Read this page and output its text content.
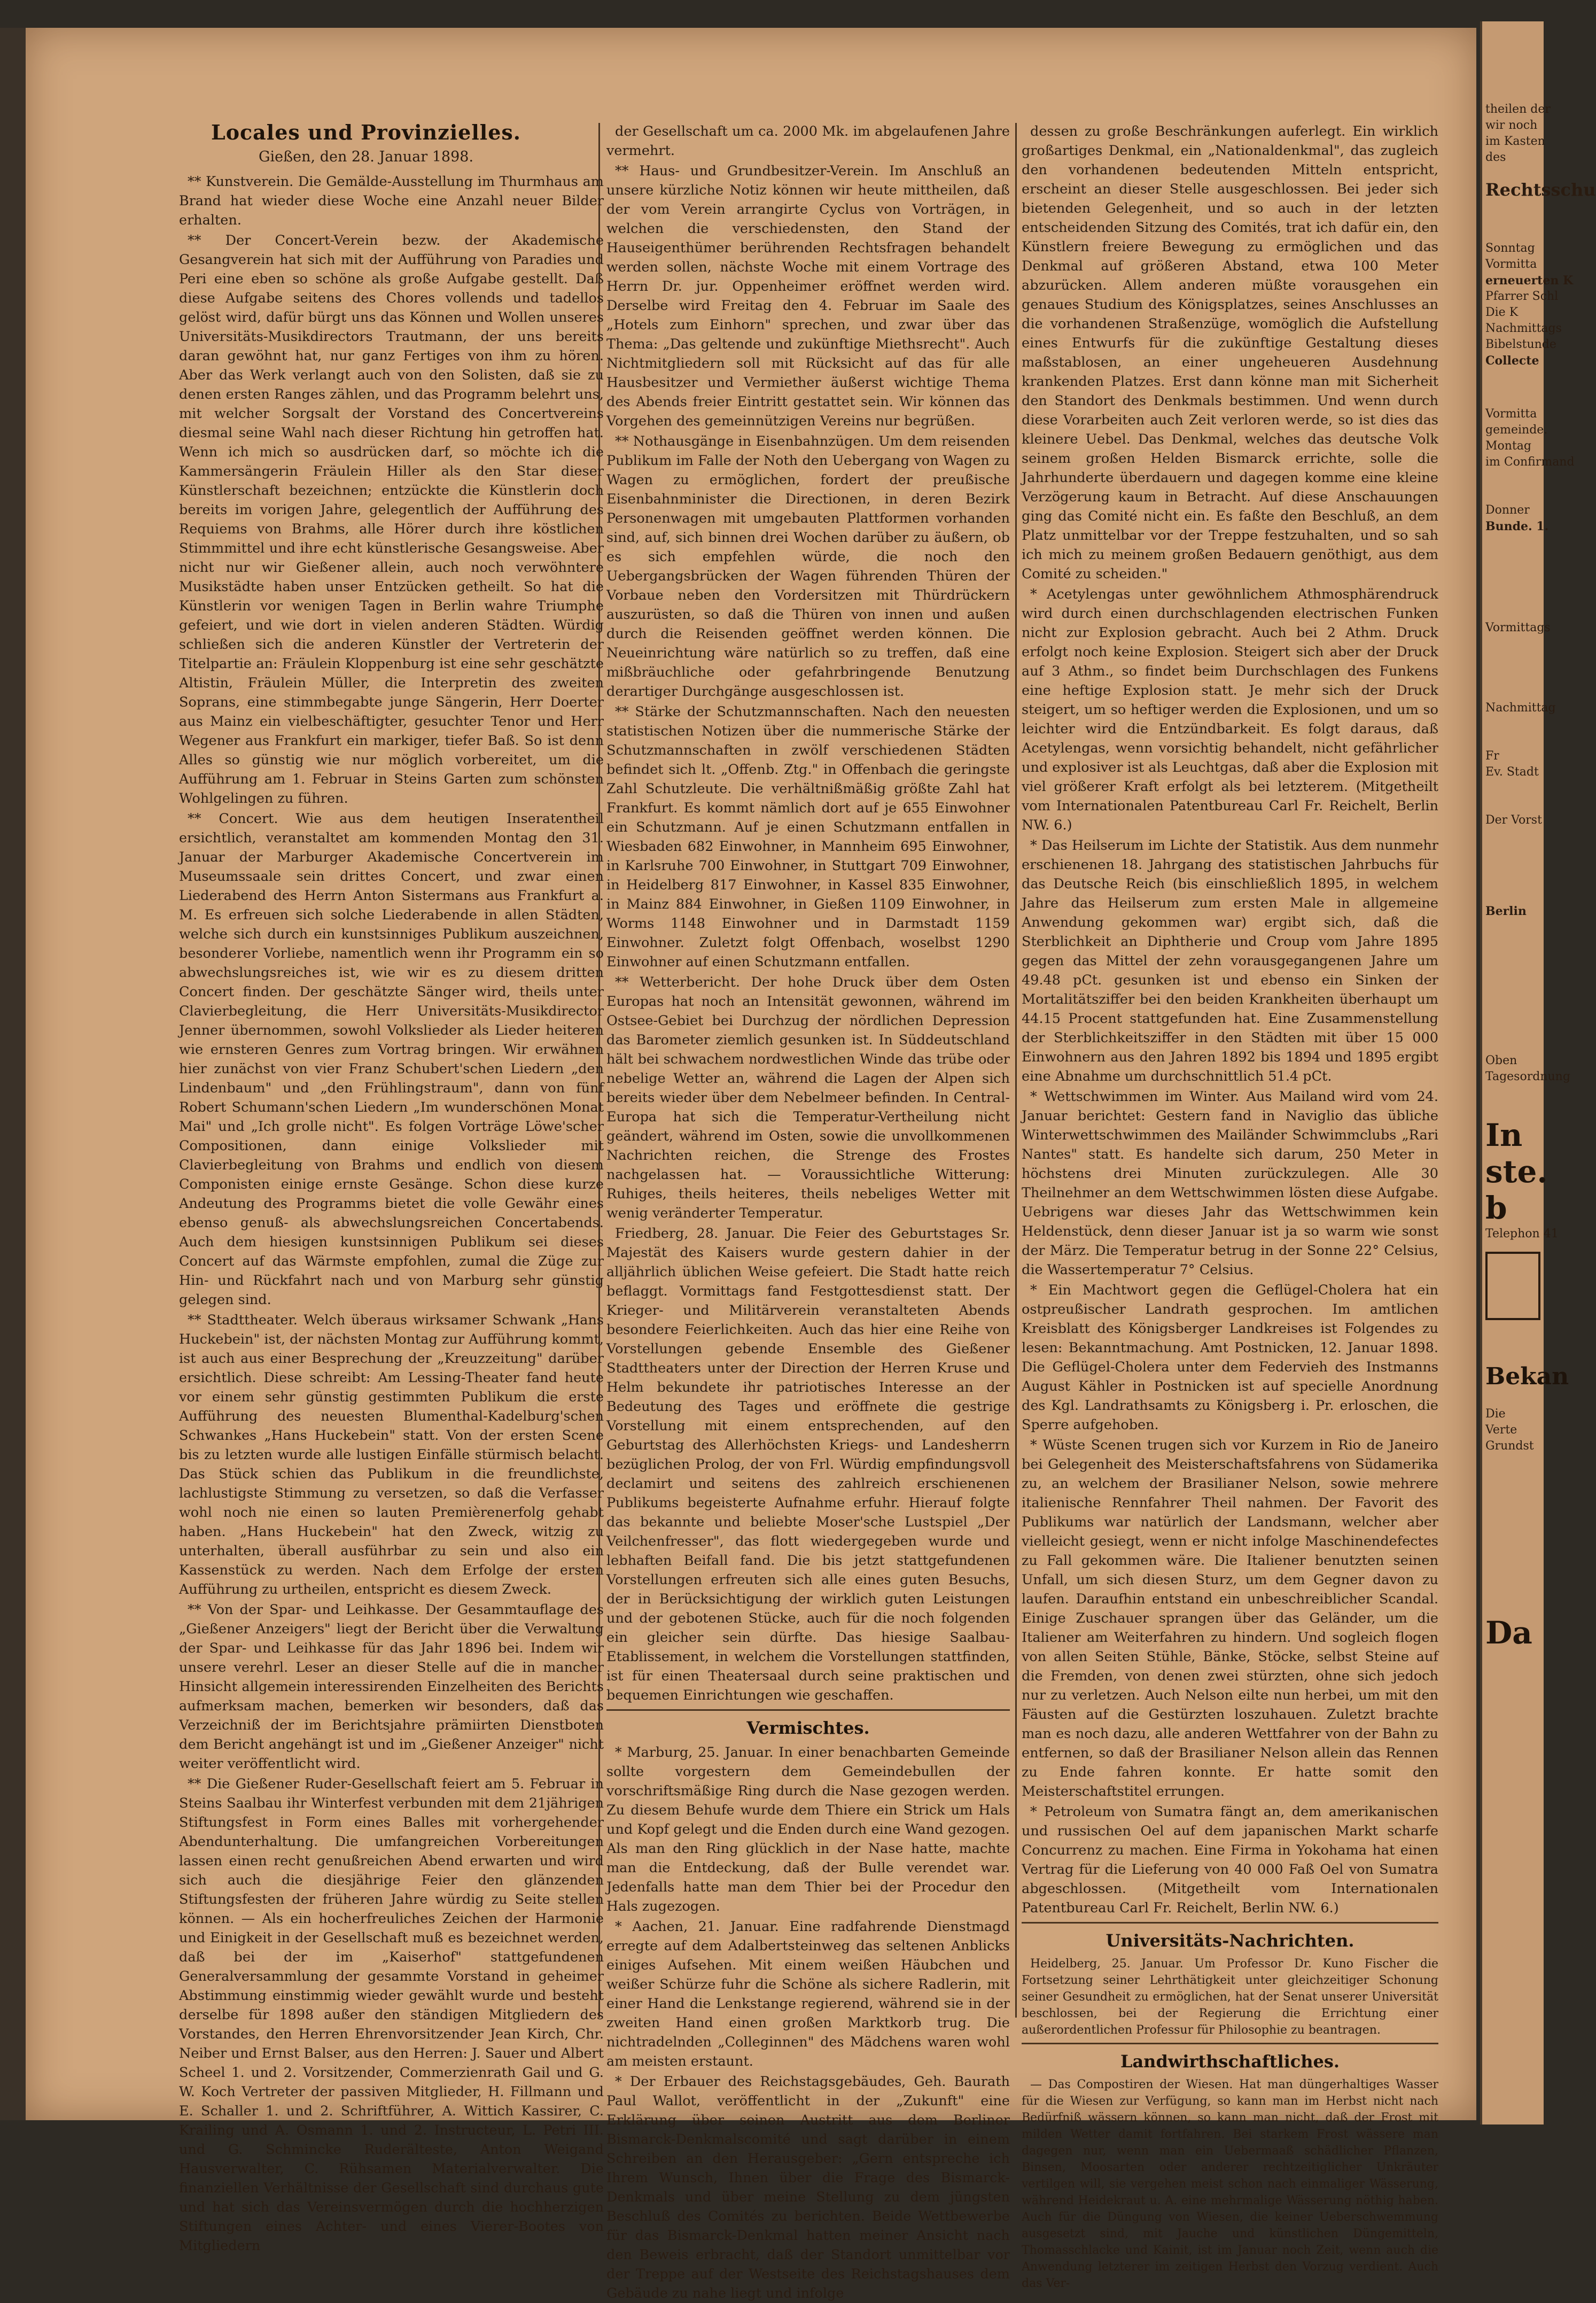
Locales und Provinzielles.
Gießen, den 28. Januar 1898.

** Kunstverein. Die Gemälde-Ausstellung im Thurmhaus am Brand hat wieder diese Woche eine Anzahl neuer Bilder erhalten.

** Der Concert-Verein bezw. der Akademische Gesangverein hat sich mit der Aufführung von Paradies und Peri eine eben so schöne als große Aufgabe gestellt. Daß diese Aufgabe seitens des Chores vollends und tadellos gelöst wird, dafür bürgt uns das Können und Wollen unseres Universitäts-Musikdirectors Trautmann, der uns bereits daran gewöhnt hat, nur ganz Fertiges von ihm zu hören. Aber das Werk verlangt auch von den Solisten, daß sie zu denen ersten Ranges zählen, und das Programm belehrt uns, mit welcher Sorgsalt der Vorstand des Concertvereins diesmal seine Wahl nach dieser Richtung hin getroffen hat. Wenn ich mich so ausdrücken darf, so möchte ich die Kammersängerin Fräulein Hiller als den Star dieser Künstlerschaft bezeichnen; entzückte die Künstlerin doch bereits im vorigen Jahre, gelegentlich der Aufführung des Requiems von Brahms, alle Hörer durch ihre köstlichen Stimmmittel und ihre echt künstlerische Gesangsweise. Aber nicht nur wir Gießener allein, auch noch verwöhntere Musikstädte haben unser Entzücken getheilt. So hat die Künstlerin vor wenigen Tagen in Berlin wahre Triumphe gefeiert, und wie dort in vielen anderen Städten. Würdig schließen sich die anderen Künstler der Vertreterin der Titelpartie an: Fräulein Kloppenburg ist eine sehr geschätzte Altistin, Fräulein Müller, die Interpretin des zweiten Soprans, eine stimmbegabte junge Sängerin, Herr Doerter aus Mainz ein vielbeschäftigter, gesuchter Tenor und Herr Wegener aus Frankfurt ein markiger, tiefer Baß. So ist denn Alles so günstig wie nur möglich vorbereitet, um die Aufführung am 1. Februar in Steins Garten zum schönsten Wohlgelingen zu führen.

** Concert. Wie aus dem heutigen Inseratentheil ersichtlich, veranstaltet am kommenden Montag den 31. Januar der Marburger Akademische Concertverein im Museumssaale sein drittes Concert, und zwar einen Liederabend des Herrn Anton Sistermans aus Frankfurt a. M. Es erfreuen sich solche Liederabende in allen Städten, welche sich durch ein kunstsinniges Publikum auszeichnen, besonderer Vorliebe, namentlich wenn ihr Programm ein so abwechslungsreiches ist, wie wir es zu diesem dritten Concert finden. Der geschätzte Sänger wird, theils unter Clavierbegleitung, die Herr Universitäts-Musikdirector Jenner übernommen, sowohl Volkslieder als Lieder heiteren wie ernsteren Genres zum Vortrag bringen. Wir erwähnen hier zunächst von vier Franz Schubert'schen Liedern „den Lindenbaum" und „den Frühlingstraum", dann von fünf Robert Schumann'schen Liedern „Im wunderschönen Monat Mai" und „Ich grolle nicht". Es folgen Vorträge Löwe'scher Compositionen, dann einige Volkslieder mit Clavierbegleitung von Brahms und endlich von diesem Componisten einige ernste Gesänge. Schon diese kurze Andeutung des Programms bietet die volle Gewähr eines ebenso genuß- als abwechslungsreichen Concertabends. Auch dem hiesigen kunstsinnigen Publikum sei dieses Concert auf das Wärmste empfohlen, zumal die Züge zur Hin- und Rückfahrt nach und von Marburg sehr günstig gelegen sind.

** Stadttheater. Welch überaus wirksamer Schwank „Hans Huckebein" ist, der nächsten Montag zur Aufführung kommt, ist auch aus einer Besprechung der „Kreuzzeitung" darüber ersichtlich. Diese schreibt: Am Lessing-Theater fand heute vor einem sehr günstig gestimmten Publikum die erste Aufführung des neuesten Blumenthal-Kadelburg'schen Schwankes „Hans Huckebein" statt. Von der ersten Scene bis zu letzten wurde alle lustigen Einfälle stürmisch belacht. Das Stück schien das Publikum in die freundlichste, lachlustigste Stimmung zu versetzen, so daß die Verfasser wohl noch nie einen so lauten Premièrenerfolg gehabt haben. „Hans Huckebein" hat den Zweck, witzig zu unterhalten, überall ausführbar zu sein und also ein Kassenstück zu werden. Nach dem Erfolge der ersten Aufführung zu urtheilen, entspricht es diesem Zweck.

** Von der Spar- und Leihkasse. Der Gesammtauflage des „Gießener Anzeigers" liegt der Bericht über die Verwaltung der Spar- und Leihkasse für das Jahr 1896 bei. Indem wir unsere verehrl. Leser an dieser Stelle auf die in mancher Hinsicht allgemein interessirenden Einzelheiten des Berichts aufmerksam machen, bemerken wir besonders, daß das Verzeichniß der im Berichtsjahre prämiirten Dienstboten dem Bericht angehängt ist und im „Gießener Anzeiger" nicht weiter veröffentlicht wird.

** Die Gießener Ruder-Gesellschaft feiert am 5. Februar in Steins Saalbau ihr Winterfest verbunden mit dem 21jährigen Stiftungsfest in Form eines Balles mit vorhergehender Abendunterhaltung. Die umfangreichen Vorbereitungen lassen einen recht genußreichen Abend erwarten und wird sich auch die diesjährige Feier den glänzenden Stiftungsfesten der früheren Jahre würdig zu Seite stellen können. — Als ein hocherfreuliches Zeichen der Harmonie und Einigkeit in der Gesellschaft muß es bezeichnet werden, daß bei der im „Kaiserhof" stattgefundenen Generalversammlung der gesammte Vorstand in geheimer Abstimmung einstimmig wieder gewählt wurde und besteht derselbe für 1898 außer den ständigen Mitgliedern des Vorstandes, den Herren Ehrenvorsitzender Jean Kirch, Chr. Neiber und Ernst Balser, aus den Herren: J. Sauer und Albert Scheel 1. und 2. Vorsitzender, Commerzienrath Gail und G. W. Koch Vertreter der passiven Mitglieder, H. Fillmann und E. Schaller 1. und 2. Schriftführer, A. Wittich Kassirer, C. Krailing und A. Osmann 1. und 2. Instructeur, L. Petri III. und G. Schmincke Ruderälteste, Anton Weigand Hausverwalter, C. Rühsamen Materialverwalter. Die finanziellen Verhältnisse der Gesellschaft sind durchaus gute und hat sich das Vereinsvermögen durch die hochherzigen Stiftungen eines Achter- und eines Vierer-Bootes von Mitgliedern

der Gesellschaft um ca. 2000 Mk. im abgelaufenen Jahre vermehrt.

** Haus- und Grundbesitzer-Verein. Im Anschluß an unsere kürzliche Notiz können wir heute mittheilen, daß der vom Verein arrangirte Cyclus von Vorträgen, in welchen die verschiedensten, den Stand der Hauseigenthümer berührenden Rechtsfragen behandelt werden sollen, nächste Woche mit einem Vortrage des Herrn Dr. jur. Oppenheimer eröffnet werden wird. Derselbe wird Freitag den 4. Februar im Saale des „Hotels zum Einhorn" sprechen, und zwar über das Thema: „Das geltende und zukünftige Miethsrecht". Auch Nichtmitgliedern soll mit Rücksicht auf das für alle Hausbesitzer und Vermiether äußerst wichtige Thema des Abends freier Eintritt gestattet sein. Wir können das Vorgehen des gemeinnützigen Vereins nur begrüßen.

** Nothausgänge in Eisenbahnzügen. Um dem reisenden Publikum im Falle der Noth den Uebergang von Wagen zu Wagen zu ermöglichen, fordert der preußische Eisenbahnminister die Directionen, in deren Bezirk Personenwagen mit umgebauten Plattformen vorhanden sind, auf, sich binnen drei Wochen darüber zu äußern, ob es sich empfehlen würde, die noch den Uebergangsbrücken der Wagen führenden Thüren der Vorbaue neben den Vordersitzen mit Thürdrückern auszurüsten, so daß die Thüren von innen und außen durch die Reisenden geöffnet werden können. Die Neueinrichtung wäre natürlich so zu treffen, daß eine mißbräuchliche oder gefahrbringende Benutzung derartiger Durchgänge ausgeschlossen ist.

** Stärke der Schutzmannschaften. Nach den neuesten statistischen Notizen über die nummerische Stärke der Schutzmannschaften in zwölf verschiedenen Städten befindet sich lt. „Offenb. Ztg." in Offenbach die geringste Zahl Schutzleute. Die verhältnißmäßig größte Zahl hat Frankfurt. Es kommt nämlich dort auf je 655 Einwohner ein Schutzmann. Auf je einen Schutzmann entfallen in Wiesbaden 682 Einwohner, in Mannheim 695 Einwohner, in Karlsruhe 700 Einwohner, in Stuttgart 709 Einwohner, in Heidelberg 817 Einwohner, in Kassel 835 Einwohner, in Mainz 884 Einwohner, in Gießen 1109 Einwohner, in Worms 1148 Einwohner und in Darmstadt 1159 Einwohner. Zuletzt folgt Offenbach, woselbst 1290 Einwohner auf einen Schutzmann entfallen.

** Wetterbericht. Der hohe Druck über dem Osten Europas hat noch an Intensität gewonnen, während im Ostsee-Gebiet bei Durchzug der nördlichen Depression das Barometer ziemlich gesunken ist. In Süddeutschland hält bei schwachem nordwestlichen Winde das trübe oder nebelige Wetter an, während die Lagen der Alpen sich bereits wieder über dem Nebelmeer befinden. In Central-Europa hat sich die Temperatur-Vertheilung nicht geändert, während im Osten, sowie die unvollkommenen Nachrichten reichen, die Strenge des Frostes nachgelassen hat. — Voraussichtliche Witterung: Ruhiges, theils heiteres, theils nebeliges Wetter mit wenig veränderter Temperatur.

Friedberg, 28. Januar. Die Feier des Geburtstages Sr. Majestät des Kaisers wurde gestern dahier in der alljährlich üblichen Weise gefeiert. Die Stadt hatte reich beflaggt. Vormittags fand Festgottesdienst statt. Der Krieger- und Militärverein veranstalteten Abends besondere Feierlichkeiten. Auch das hier eine Reihe von Vorstellungen gebende Ensemble des Gießener Stadttheaters unter der Direction der Herren Kruse und Helm bekundete ihr patriotisches Interesse an der Bedeutung des Tages und eröffnete die gestrige Vorstellung mit einem entsprechenden, auf den Geburtstag des Allerhöchsten Kriegs- und Landesherrn bezüglichen Prolog, der von Frl. Würdig empfindungsvoll declamirt und seitens des zahlreich erschienenen Publikums begeisterte Aufnahme erfuhr. Hierauf folgte das bekannte und beliebte Moser'sche Lustspiel „Der Veilchenfresser", das flott wiedergegeben wurde und lebhaften Beifall fand. Die bis jetzt stattgefundenen Vorstellungen erfreuten sich alle eines guten Besuchs, der in Berücksichtigung der wirklich guten Leistungen und der gebotenen Stücke, auch für die noch folgenden ein gleicher sein dürfte. Das hiesige Saalbau-Etablissement, in welchem die Vorstellungen stattfinden, ist für einen Theatersaal durch seine praktischen und bequemen Einrichtungen wie geschaffen.

Vermischtes.

* Marburg, 25. Januar. In einer benachbarten Gemeinde sollte vorgestern dem Gemeindebullen der vorschriftsmäßige Ring durch die Nase gezogen werden. Zu diesem Behufe wurde dem Thiere ein Strick um Hals und Kopf gelegt und die Enden durch eine Wand gezogen. Als man den Ring glücklich in der Nase hatte, machte man die Entdeckung, daß der Bulle verendet war. Jedenfalls hatte man dem Thier bei der Procedur den Hals zugezogen.

* Aachen, 21. Januar. Eine radfahrende Dienstmagd erregte auf dem Adalbertsteinweg das seltenen Anblicks einiges Aufsehen. Mit einem weißen Häubchen und weißer Schürze fuhr die Schöne als sichere Radlerin, mit einer Hand die Lenkstange regierend, während sie in der zweiten Hand einen großen Marktkorb trug. Die nichtradelnden „Colleginnen" des Mädchens waren wohl am meisten erstaunt.

* Der Erbauer des Reichstagsgebäudes, Geh. Baurath Paul Wallot, veröffentlicht in der „Zukunft" eine Erklärung über seinen Austritt aus dem Berliner Bismarck-Denkmalscomité und sagt darüber in einem Schreiben an den Herausgeber: „Gern entspreche ich Ihrem Wunsch, Ihnen über die Frage des Bismarck-Denkmals und über meine Stellung zu dem jüngsten Beschluß des Comités zu berichten. Beide Wettbewerbe für das Bismarck-Denkmal hatten meiner Ansicht nach den Beweis erbracht, daß der Standort unmittelbar vor der Treppe auf der Westseite des Reichstagshauses dem Gebäude zu nahe liegt und infolge

dessen zu große Beschränkungen auferlegt. Ein wirklich großartiges Denkmal, ein „Nationaldenkmal", das zugleich den vorhandenen bedeutenden Mitteln entspricht, erscheint an dieser Stelle ausgeschlossen. Bei jeder sich bietenden Gelegenheit, und so auch in der letzten entscheidenden Sitzung des Comités, trat ich dafür ein, den Künstlern freiere Bewegung zu ermöglichen und das Denkmal auf größeren Abstand, etwa 100 Meter abzurücken. Allem anderen müßte vorausgehen ein genaues Studium des Königsplatzes, seines Anschlusses an die vorhandenen Straßenzüge, womöglich die Aufstellung eines Entwurfs für die zukünftige Gestaltung dieses maßstablosen, an einer ungeheueren Ausdehnung krankenden Platzes. Erst dann könne man mit Sicherheit den Standort des Denkmals bestimmen. Und wenn durch diese Vorarbeiten auch Zeit verloren werde, so ist dies das kleinere Uebel. Das Denkmal, welches das deutsche Volk seinem großen Helden Bismarck errichte, solle die Jahrhunderte überdauern und dagegen komme eine kleine Verzögerung kaum in Betracht. Auf diese Anschauungen ging das Comité nicht ein. Es faßte den Beschluß, an dem Platz unmittelbar vor der Treppe festzuhalten, und so sah ich mich zu meinem großen Bedauern genöthigt, aus dem Comité zu scheiden."

* Acetylengas unter gewöhnlichem Athmosphärendruck wird durch einen durchschlagenden electrischen Funken nicht zur Explosion gebracht. Auch bei 2 Athm. Druck erfolgt noch keine Explosion. Steigert sich aber der Druck auf 3 Athm., so findet beim Durchschlagen des Funkens eine heftige Explosion statt. Je mehr sich der Druck steigert, um so heftiger werden die Explosionen, und um so leichter wird die Entzündbarkeit. Es folgt daraus, daß Acetylengas, wenn vorsichtig behandelt, nicht gefährlicher und explosiver ist als Leuchtgas, daß aber die Explosion mit viel größerer Kraft erfolgt als bei letzterem. (Mitgetheilt vom Internationalen Patentbureau Carl Fr. Reichelt, Berlin NW. 6.)

* Das Heilserum im Lichte der Statistik. Aus dem nunmehr erschienenen 18. Jahrgang des statistischen Jahrbuchs für das Deutsche Reich (bis einschließlich 1895, in welchem Jahre das Heilserum zum ersten Male in allgemeine Anwendung gekommen war) ergibt sich, daß die Sterblichkeit an Diphtherie und Croup vom Jahre 1895 gegen das Mittel der zehn vorausgegangenen Jahre um 49.48 pCt. gesunken ist und ebenso ein Sinken der Mortalitätsziffer bei den beiden Krankheiten überhaupt um 44.15 Procent stattgefunden hat. Eine Zusammenstellung der Sterblichkeitsziffer in den Städten mit über 15 000 Einwohnern aus den Jahren 1892 bis 1894 und 1895 ergibt eine Abnahme um durchschnittlich 51.4 pCt.

* Wettschwimmen im Winter. Aus Mailand wird vom 24. Januar berichtet: Gestern fand in Naviglio das übliche Winterwettschwimmen des Mailänder Schwimmclubs „Rari Nantes" statt. Es handelte sich darum, 250 Meter in höchstens drei Minuten zurückzulegen. Alle 30 Theilnehmer an dem Wettschwimmen lösten diese Aufgabe. Uebrigens war dieses Jahr das Wettschwimmen kein Heldenstück, denn dieser Januar ist ja so warm wie sonst der März. Die Temperatur betrug in der Sonne 22° Celsius, die Wassertemperatur 7° Celsius.

* Ein Machtwort gegen die Geflügel-Cholera hat ein ostpreußischer Landrath gesprochen. Im amtlichen Kreisblatt des Königsberger Landkreises ist Folgendes zu lesen: Bekanntmachung. Amt Postnicken, 12. Januar 1898. Die Geflügel-Cholera unter dem Federvieh des Instmanns August Kähler in Postnicken ist auf specielle Anordnung des Kgl. Landrathsamts zu Königsberg i. Pr. erloschen, die Sperre aufgehoben.

* Wüste Scenen trugen sich vor Kurzem in Rio de Janeiro bei Gelegenheit des Meisterschaftsfahrens von Südamerika zu, an welchem der Brasilianer Nelson, sowie mehrere italienische Rennfahrer Theil nahmen. Der Favorit des Publikums war natürlich der Landsmann, welcher aber vielleicht gesiegt, wenn er nicht infolge Maschinendefectes zu Fall gekommen wäre. Die Italiener benutzten seinen Unfall, um sich diesen Sturz, um dem Gegner davon zu laufen. Daraufhin entstand ein unbeschreiblicher Scandal. Einige Zuschauer sprangen über das Geländer, um die Italiener am Weiterfahren zu hindern. Und sogleich flogen von allen Seiten Stühle, Bänke, Stöcke, selbst Steine auf die Fremden, von denen zwei stürzten, ohne sich jedoch nur zu verletzen. Auch Nelson eilte nun herbei, um mit den Fäusten auf die Gestürzten loszuhauen. Zuletzt brachte man es noch dazu, alle anderen Wettfahrer von der Bahn zu entfernen, so daß der Brasilianer Nelson allein das Rennen zu Ende fahren konnte. Er hatte somit den Meisterschaftstitel errungen.

* Petroleum von Sumatra fängt an, dem amerikanischen und russischen Oel auf dem japanischen Markt scharfe Concurrenz zu machen. Eine Firma in Yokohama hat einen Vertrag für die Lieferung von 40 000 Faß Oel von Sumatra abgeschlossen. (Mitgetheilt vom Internationalen Patentbureau Carl Fr. Reichelt, Berlin NW. 6.)

Universitäts-Nachrichten.

Heidelberg, 25. Januar. Um Professor Dr. Kuno Fischer die Fortsetzung seiner Lehrthätigkeit unter gleichzeitiger Schonung seiner Gesundheit zu ermöglichen, hat der Senat unserer Universität beschlossen, bei der Regierung die Errichtung einer außerordentlichen Professur für Philosophie zu beantragen.

Landwirthschaftliches.

— Das Compostiren der Wiesen. Hat man düngerhaltiges Wasser für die Wiesen zur Verfügung, so kann man im Herbst nicht nach Bedürfniß wässern können, so kann man nicht, daß der Frost mit milden Wetter damit fortfahren. Bei starkem Frost wässere man dagegen nur, wenn man ein Uebermaaß schädlicher Pflanzen, Binsen, Moosarten oder anderer rechtzeitiglicher Unkräuter vertilgen will, sie vergehen meist schon nach einmaliger Wässerung, während Heidekraut u. A. eine mehrmalige Wässerung nöthig haben. Auch für die Düngung von Wiesen, die keiner Ueberschwemmung ausgesetzt sind, mit Jauche und künstlichen Düngemitteln, Thomasschlacke und Kainit, ist im Januar noch Zeit, wenn auch die Anwendung letzterer im zeitigen Herbst den Vorzug verdient. Auch das Ver-

theilen der
wir noch
im Kasten
des
Rechtsschu
Sonntag
Vormitta
erneuerten K
Pfarrer Schl
Die K
Nachmittags
Bibelstunde
Collecte
Vormitta
gemeinde.
Montag
im Confirmand
Donner
Bunde. 1.
Vormittags
Nachmittag
Fr
Ev. Stadt
Der Vorst
Berlin
Oben
Tagesordnung
In
ste. b
Telephon 41
Bekan
Die
Verte
Grundst
Da
